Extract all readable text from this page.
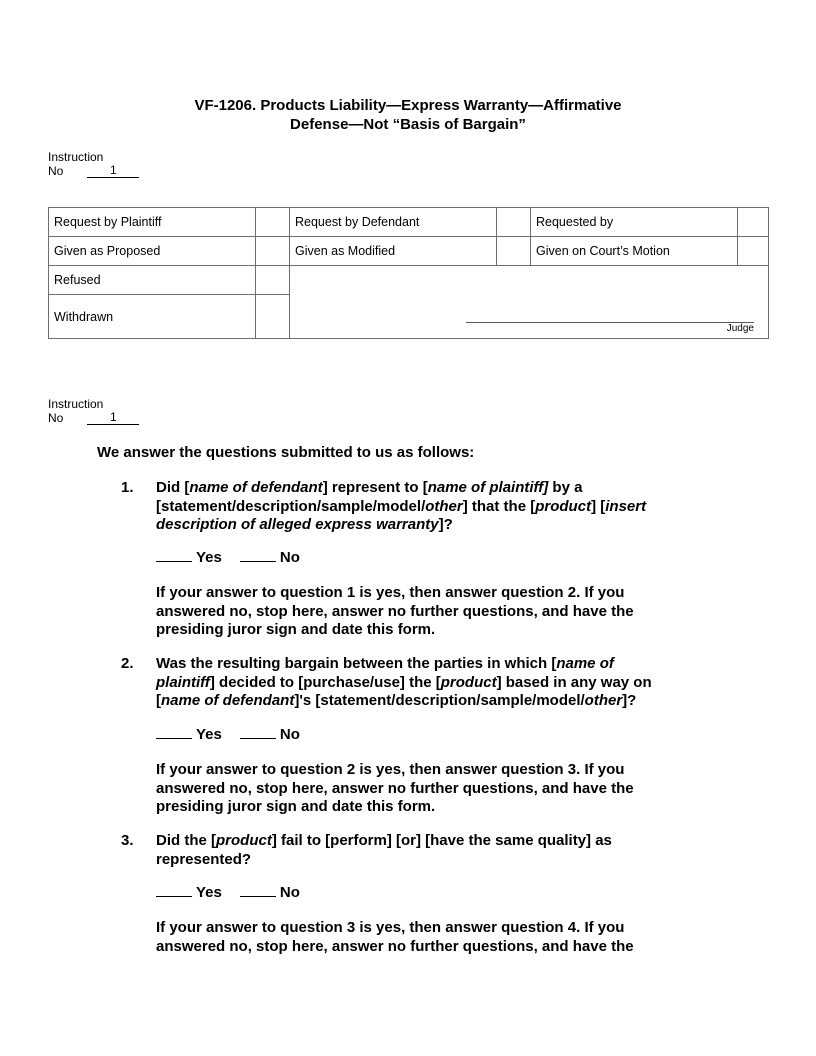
VF-1206. Products Liability—Express Warranty—Affirmative
Defense—Not “Basis of Bargain”
Instruction
No	1
Request by Plaintiff		Request by Defendant		Requested by	
Given as Proposed		Given as Modified		Given on Court’s Motion	
Refused					
Withdrawn					
Judge
Instruction
No	1
We answer the questions submitted to us as follows:
1. Did [name of defendant] represent to [name of plaintiff] by a [statement/description/sample/model/other] that the [product] [insert description of alleged express warranty]?
Yes	No
If your answer to question 1 is yes, then answer question 2. If you answered no, stop here, answer no further questions, and have the presiding juror sign and date this form.
2. Was the resulting bargain between the parties in which [name of plaintiff] decided to [purchase/use] the [product] based in any way on [name of defendant]'s [statement/description/sample/model/other]?
Yes	No
If your answer to question 2 is yes, then answer question 3. If you answered no, stop here, answer no further questions, and have the presiding juror sign and date this form.
3. Did the [product] fail to [perform] [or] [have the same quality] as represented?
Yes	No
If your answer to question 3 is yes, then answer question 4. If you answered no, stop here, answer no further questions, and have the
